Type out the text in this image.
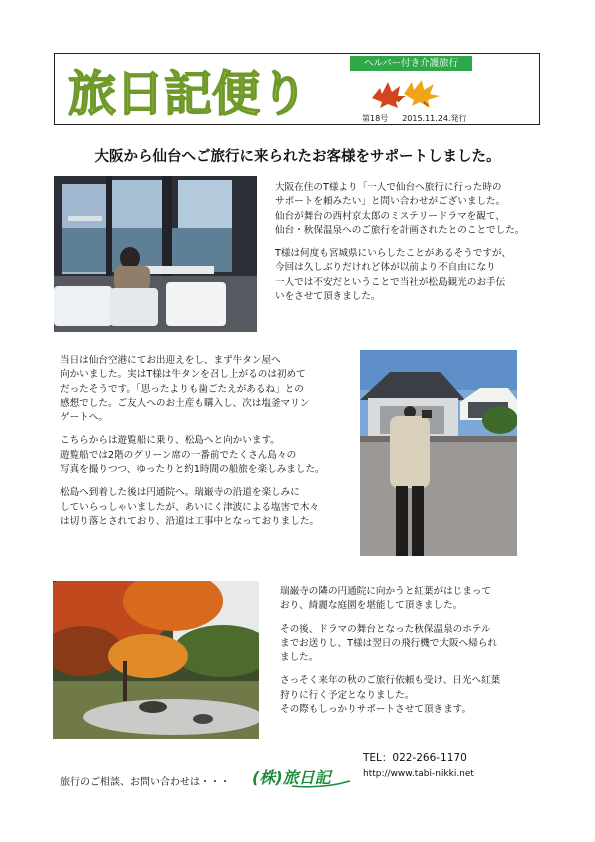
旅日記便り
ヘルパー付き介護旅行
第18号 2015.11.24.発行
大阪から仙台へご旅行に来られたお客様をサポートしました。
大阪在住のT様より「一人で仙台へ旅行に行った時の
サポートを頼みたい」と問い合わせがございました。
仙台が舞台の西村京太郎のミステリードラマを観て、
仙台・秋保温泉へのご旅行を計画されたとのことでした。
T様は何度も宮城県にいらしたことがあるそうですが、
今回は久しぶりだけれど体が以前より不自由になり
一人では不安だということで当社が松島観光のお手伝
いをさせて頂きました。
当日は仙台空港にてお出迎えをし、まず牛タン屋へ
向かいました。実はT様は牛タンを召し上がるのは初めて
だったそうです。「思ったよりも歯ごたえがあるね」との
感想でした。ご友人へのお土産も購入し、次は塩釜マリン
ゲートへ。
こちらからは遊覧船に乗り、松島へと向かいます。
遊覧船では2階のグリーン席の一番前でたくさん島々の
写真を撮りつつ、ゆったりと約1時間の船旅を楽しみました。
松島へ到着した後は円通院へ。瑞巌寺の沿道を楽しみに
していらっしゃいましたが、あいにく津波による塩害で木々
は切り落とされており、沿道は工事中となっておりました。
瑞巌寺の隣の円通院に向かうと紅葉がはじまって
おり、綺麗な庭園を堪能して頂きました。
その後、ドラマの舞台となった秋保温泉のホテル
までお送りし、T様は翌日の飛行機で大阪へ帰られ
ました。
さっそく来年の秋のご旅行依頼も受け、日光へ紅葉
狩りに行く予定となりました。
その際もしっかりサポートさせて頂きます。
旅行のご相談、お問い合わせは・・・ (株)旅日記
TEL：022-266-1170
http://www.tabi-nikki.net
